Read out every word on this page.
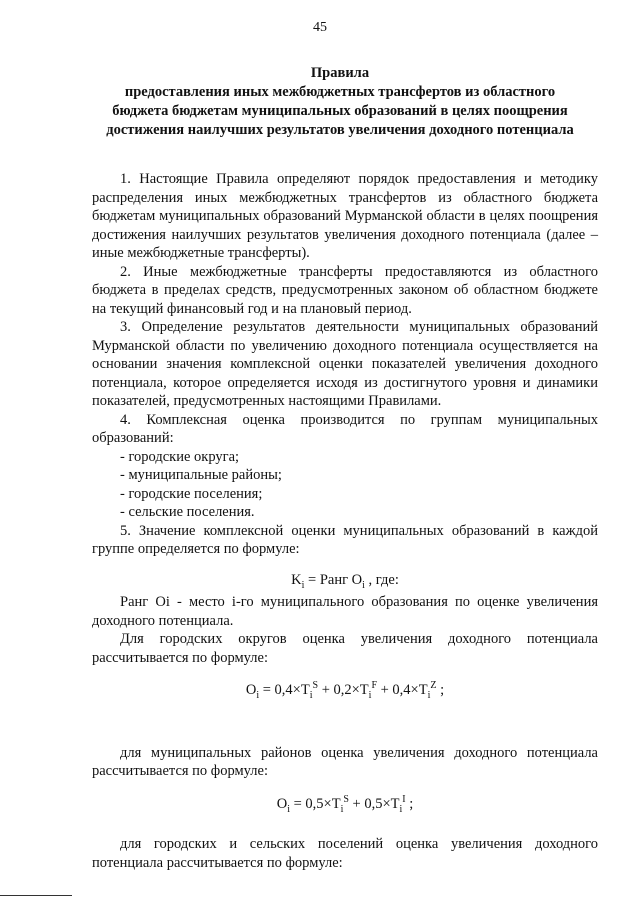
45
Правила
предоставления иных межбюджетных трансфертов из областного
бюджета бюджетам муниципальных образований в целях поощрения
достижения наилучших результатов увеличения доходного потенциала

1. Настоящие Правила определяют порядок предоставления и методику распределения иных межбюджетных трансфертов из областного бюджета бюджетам муниципальных образований Мурманской области в целях поощрения достижения наилучших результатов увеличения доходного потенциала (далее – иные межбюджетные трансферты).

2. Иные межбюджетные трансферты предоставляются из областного бюджета в пределах средств, предусмотренных законом об областном бюджете на текущий финансовый год и на плановый период.

3. Определение результатов деятельности муниципальных образований Мурманской области по увеличению доходного потенциала осуществляется на основании значения комплексной оценки показателей увеличения доходного потенциала, которое определяется исходя из достигнутого уровня и динамики показателей, предусмотренных настоящими Правилами.

4. Комплексная оценка производится по группам муниципальных образований:

- городские округа;

- муниципальные районы;

- городские поселения;

- сельские поселения.

5. Значение комплексной оценки муниципальных образований в каждой группе определяется по формуле:

$K_i$ = Ранг $O_i$ , где:

Ранг Oi - место i-го муниципального образования по оценке увеличения доходного потенциала.

Для городских округов оценка увеличения доходного потенциала рассчитывается по формуле:

$O_i = 0,4\times T_i^S + 0,2\times T_i^F + 0,4\times T_i^Z$ ;

для муниципальных районов оценка увеличения доходного потенциала рассчитывается по формуле:

$O_i = 0,5\times T_i^S + 0,5\times T_i^I$ ;

для городских и сельских поселений оценка увеличения доходного потенциала рассчитывается по формуле:
